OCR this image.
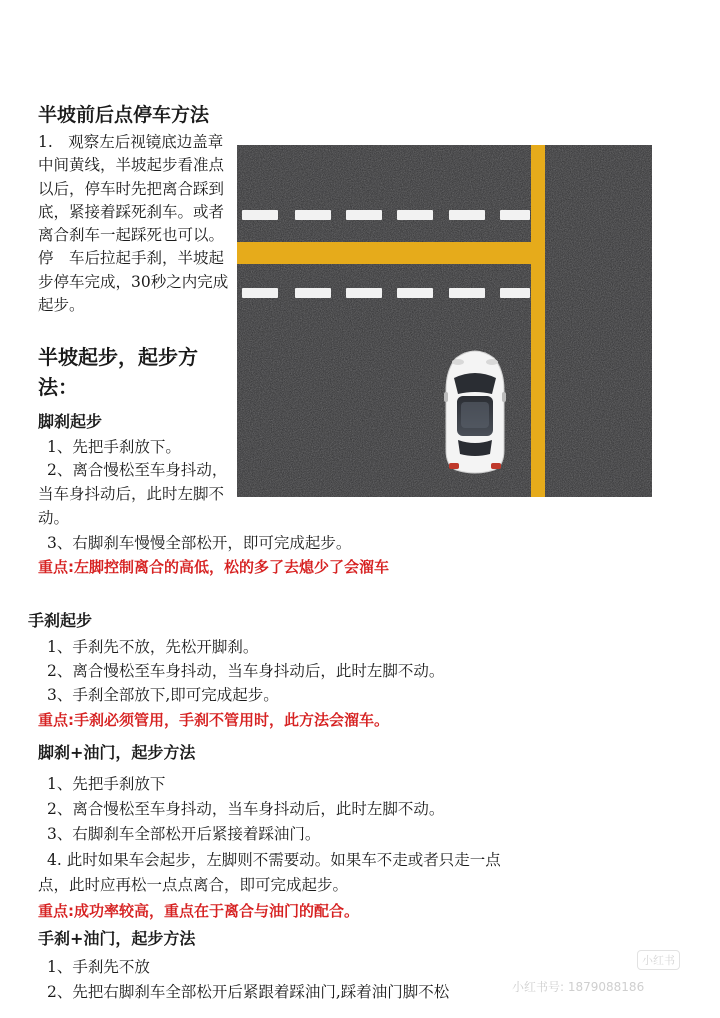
半坡前后点停车方法
1.　观察左后视镜底边盖章中间黄线，半坡起步看准点以后，停车时先把离合踩到底，紧接着踩死刹车。或者离合刹车一起踩死也可以。停　车后拉起手刹，半坡起步停车完成，30秒之内完成起步。
半坡起步，起步方法：
脚刹起步
1、先把手刹放下。
2、离合慢松至车身抖动，当车身抖动后，此时左脚不动。
3、右脚刹车慢慢全部松开，即可完成起步。
重点:左脚控制离合的高低，松的多了去熄少了会溜车
手刹起步
1、手刹先不放，先松开脚刹。
2、离合慢松至车身抖动，当车身抖动后，此时左脚不动。
3、手刹全部放下,即可完成起步。
重点:手刹必须管用，手刹不管用时，此方法会溜车。
脚刹+油门，起步方法
1、先把手刹放下
2、离合慢松至车身抖动，当车身抖动后，此时左脚不动。
3、右脚刹车全部松开后紧接着踩油门。
4. 此时如果车会起步，左脚则不需要动。如果车不走或者只走一点
点，此时应再松一点点离合，即可完成起步。
重点:成功率较高，重点在于离合与油门的配合。
手刹+油门，起步方法
1、手刹先不放
2、先把右脚刹车全部松开后紧跟着踩油门,踩着油门脚不松
小红书
小红书号: 1879088186
